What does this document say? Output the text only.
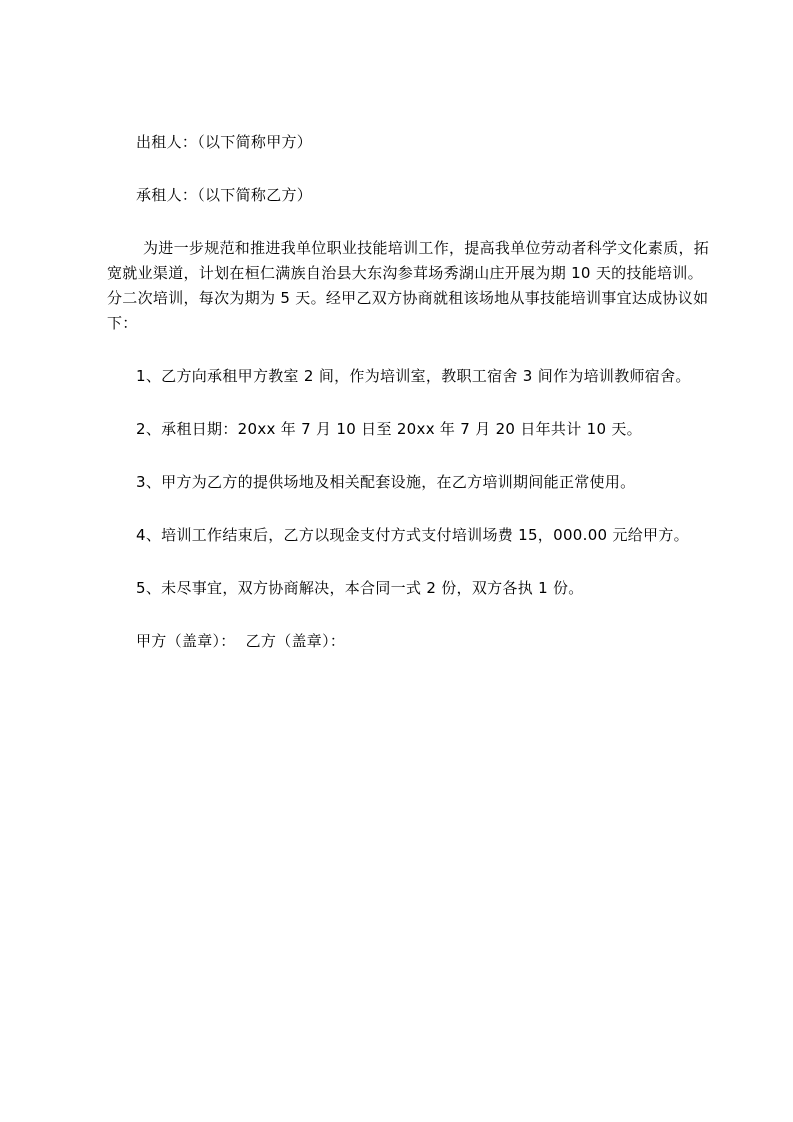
出租人：（以下简称甲方）
承租人：（以下简称乙方）
为进一步规范和推进我单位职业技能培训工作，提高我单位劳动者科学文化素质，拓宽就业渠道，计划在桓仁满族自治县大东沟参茸场秀湖山庄开展为期 10 天的技能培训。分二次培训，每次为期为 5 天。经甲乙双方协商就租该场地从事技能培训事宜达成协议如下：
1、乙方向承租甲方教室 2 间，作为培训室，教职工宿舍 3 间作为培训教师宿舍。
2、承租日期：20xx 年 7 月 10 日至 20xx 年 7 月 20 日年共计 10 天。
3、甲方为乙方的提供场地及相关配套设施，在乙方培训期间能正常使用。
4、培训工作结束后，乙方以现金支付方式支付培训场费 15，000.00 元给甲方。
5、未尽事宜，双方协商解决，本合同一式 2 份，双方各执 1 份。
甲方（盖章）： 乙方（盖章）：
